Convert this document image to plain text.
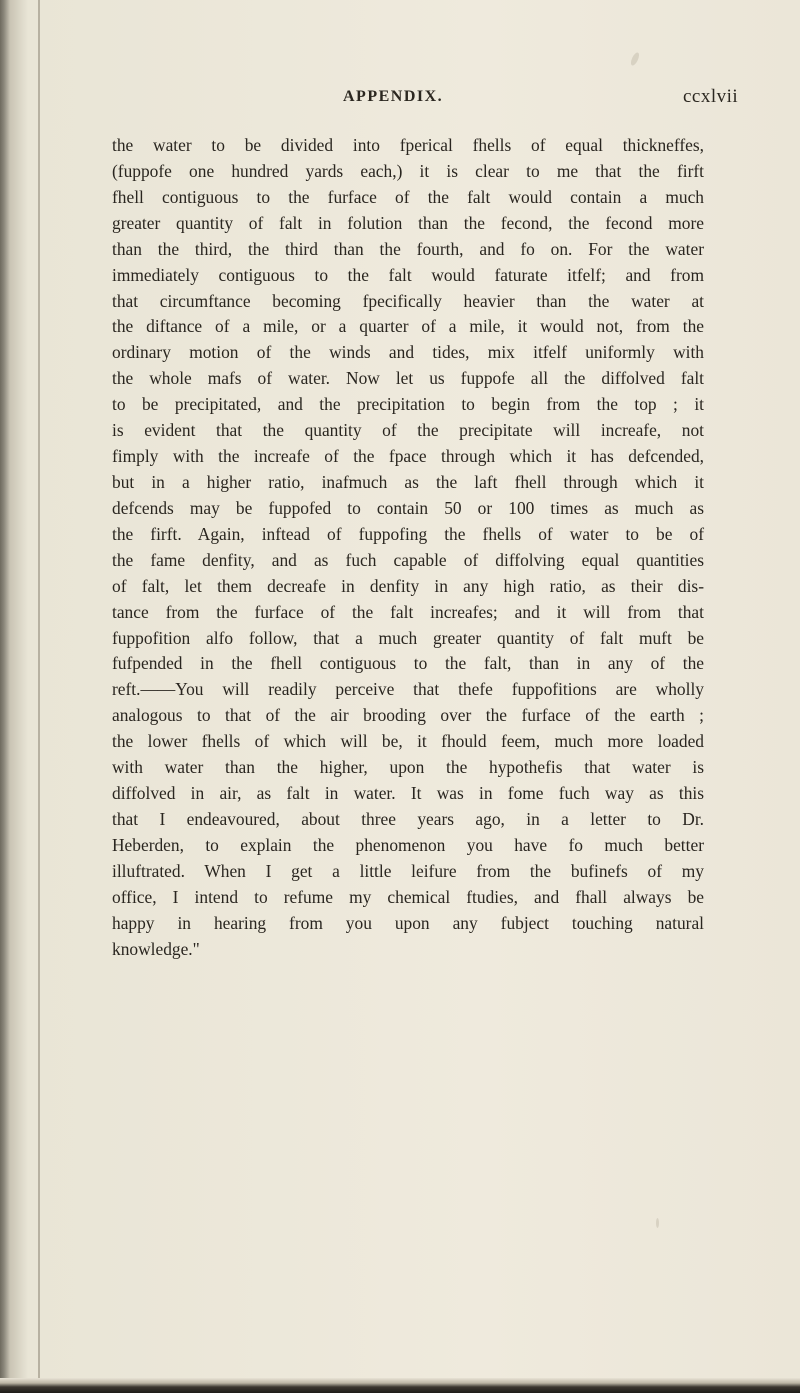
APPENDIX.	ccxlvii
the water to be divided into fperical fhells of equal thickneffes,
(fuppofe one hundred yards each,) it is clear to me that the firft
fhell contiguous to the furface of the falt would contain a much
greater quantity of falt in folution than the fecond, the fecond more
than the third, the third than the fourth, and fo on. For the water
immediately contiguous to the falt would faturate itfelf; and from
that circumftance becoming fpecifically heavier than the water at
the diftance of a mile, or a quarter of a mile, it would not, from the
ordinary motion of the winds and tides, mix itfelf uniformly with
the whole mafs of water. Now let us fuppofe all the diffolved falt
to be precipitated, and the precipitation to begin from the top ; it
is evident that the quantity of the precipitate will increafe, not
fimply with the increafe of the fpace through which it has defcended,
but in a higher ratio, inafmuch as the laft fhell through which it
defcends may be fuppofed to contain 50 or 100 times as much as
the firft. Again, inftead of fuppofing the fhells of water to be of
the fame denfity, and as fuch capable of diffolving equal quantities
of falt, let them decreafe in denfity in any high ratio, as their dis-
tance from the furface of the falt increafes; and it will from that
fuppofition alfo follow, that a much greater quantity of falt muft be
fufpended in the fhell contiguous to the falt, than in any of the
reft.——You will readily perceive that thefe fuppofitions are wholly
analogous to that of the air brooding over the furface of the earth ;
the lower fhells of which will be, it fhould feem, much more loaded
with water than the higher, upon the hypothefis that water is
diffolved in air, as falt in water. It was in fome fuch way as this
that I endeavoured, about three years ago, in a letter to Dr.
Heberden, to explain the phenomenon you have fo much better
illuftrated. When I get a little leifure from the bufinefs of my
office, I intend to refume my chemical ftudies, and fhall always be
happy in hearing from you upon any fubject touching natural
knowledge."
